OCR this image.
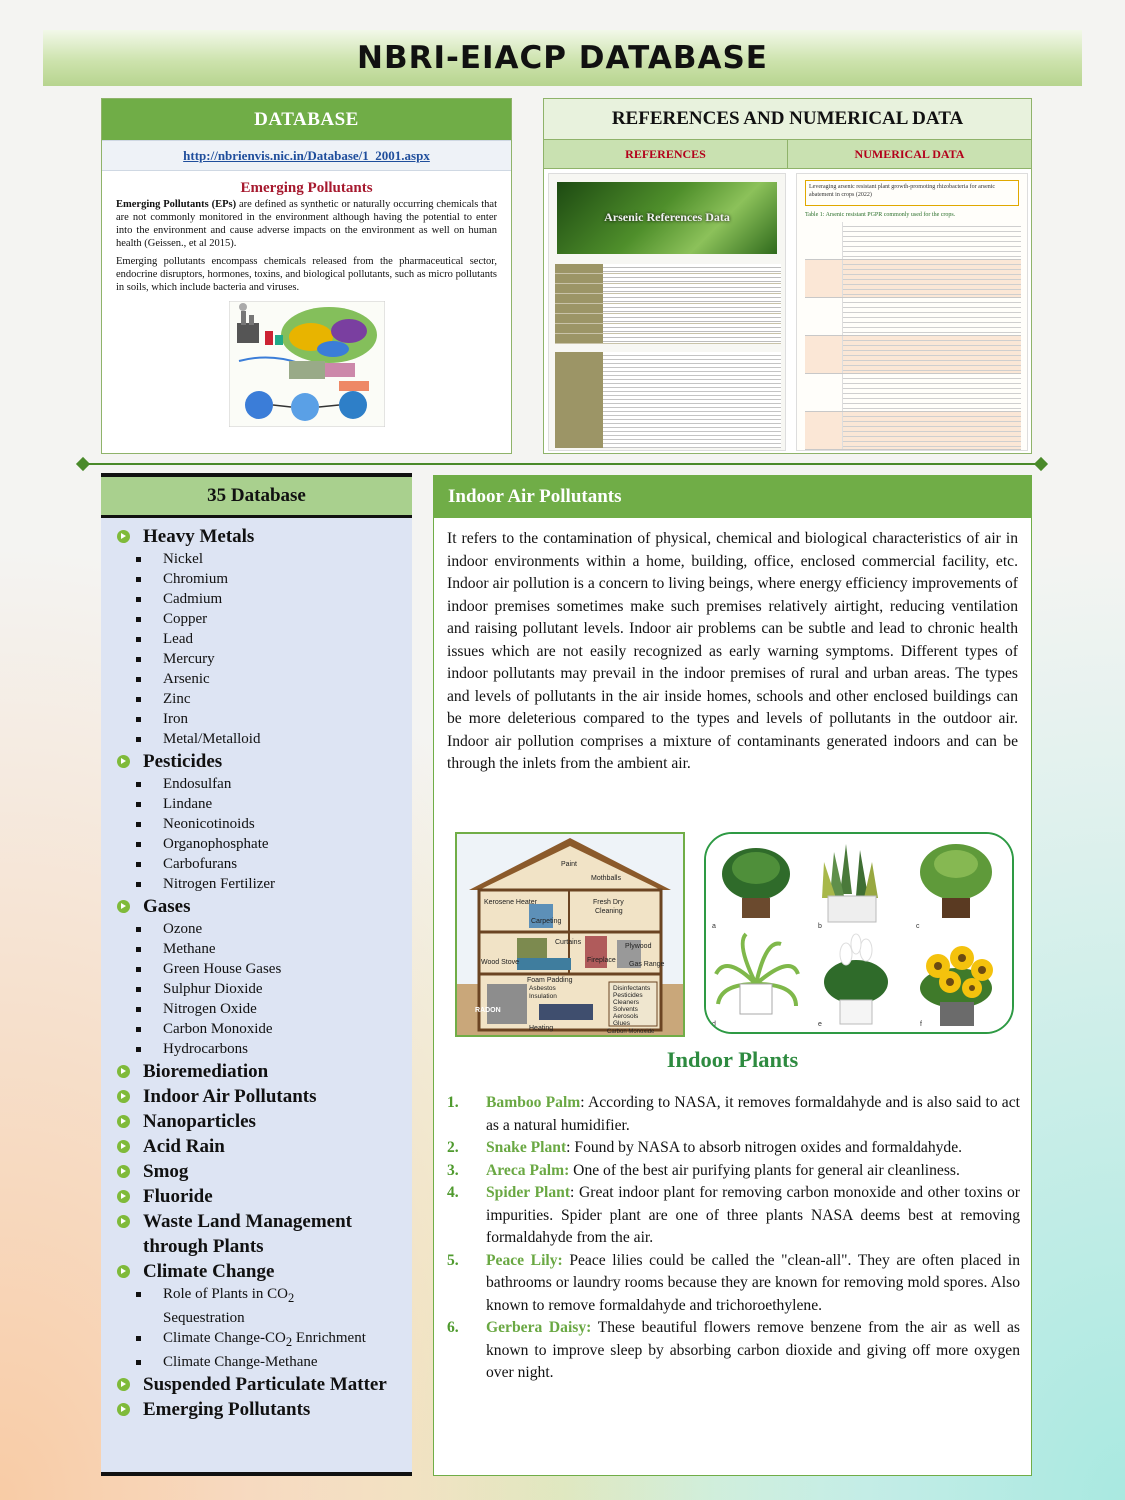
NBRI-EIACP DATABASE
DATABASE
http://nbrienvis.nic.in/Database/1_2001.aspx
Emerging Pollutants

Emerging Pollutants (EPs) are defined as synthetic or naturally occurring chemicals that are not commonly monitored in the environment although having the potential to enter into the environment and cause adverse impacts on the environment as well on human health (Geissen., et al 2015).

Emerging pollutants encompass chemicals released from the pharmaceutical sector, endocrine disruptors, hormones, toxins, and biological pollutants, such as micro pollutants in soils, which include bacteria and viruses.

REFERENCES AND NUMERICAL DATA
REFERENCES	NUMERICAL DATA
Arsenic References Data
Leveraging arsenic resistant plant growth-promoting rhizobacteria for arsenic abatement in crops (2022)
Table 1: Arsenic resistant PGPR commonly used for the crops.
35 Database
Heavy Metals
Nickel
Chromium
Cadmium
Copper
Lead
Mercury
Arsenic
Zinc
Iron
Metal/Metalloid
Pesticides
Endosulfan
Lindane
Neonicotinoids
Organophosphate
Carbofurans
Nitrogen Fertilizer
Gases
Ozone
Methane
Green House Gases
Sulphur Dioxide
Nitrogen Oxide
Carbon Monoxide
Hydrocarbons
Bioremediation
Indoor Air Pollutants
Nanoparticles
Acid Rain
Smog
Fluoride
Waste Land Management through Plants
Climate Change
Role of Plants in $CO_2$
Sequestration
Climate Change-$CO_2$ Enrichment
Climate Change-Methane
Suspended Particulate Matter
Emerging Pollutants
Indoor Air Pollutants
It refers to the contamination of physical, chemical and biological characteristics of air in indoor environments within a home, building, office, enclosed commercial facility, etc. Indoor air pollution is a concern to living beings, where energy efficiency improvements of indoor premises sometimes make such premises relatively airtight, reducing ventilation and raising pollutant levels. Indoor air problems can be subtle and lead to chronic health issues which are not easily recognized as early warning symptoms. Different types of indoor pollutants may prevail in the indoor premises of rural and urban areas. The types and levels of pollutants in the air inside homes, schools and other enclosed buildings can be more deleterious compared to the types and levels of pollutants in the outdoor air. Indoor air pollution comprises a mixture of contaminants generated indoors and can be through the inlets from the ambient air.
Paint
Mothballs
Kerosene Heater	Fresh Dry
Cleaning
Carpeting
Curtains
Plywood
Wood Stove	Fireplace
Gas Range
Foam Padding
RADON
Asbestos
Insulation
Heating
Disinfectants
Pesticides
Cleaners
Solvents
Aerosols
Glues
Carbon Monoxide
a	b	c
d	e	f
Indoor Plants
1.	Bamboo Palm: According to NASA, it removes formaldahyde and is also said to act as a natural humidifier.
2.	Snake Plant: Found by NASA to absorb nitrogen oxides and formaldahyde.
3.	Areca Palm: One of the best air purifying plants for general air cleanliness.
4.	Spider Plant: Great indoor plant for removing carbon monoxide and other toxins or impurities. Spider plant are one of three plants NASA deems best at removing formaldahyde from the air.
5.	Peace Lily: Peace lilies could be called the "clean-all". They are often placed in bathrooms or laundry rooms because they are known for removing mold spores. Also known to remove formaldahyde and trichoroethylene.
6.	Gerbera Daisy: These beautiful flowers remove benzene from the air as well as known to improve sleep by absorbing carbon dioxide and giving off more oxygen over night.
